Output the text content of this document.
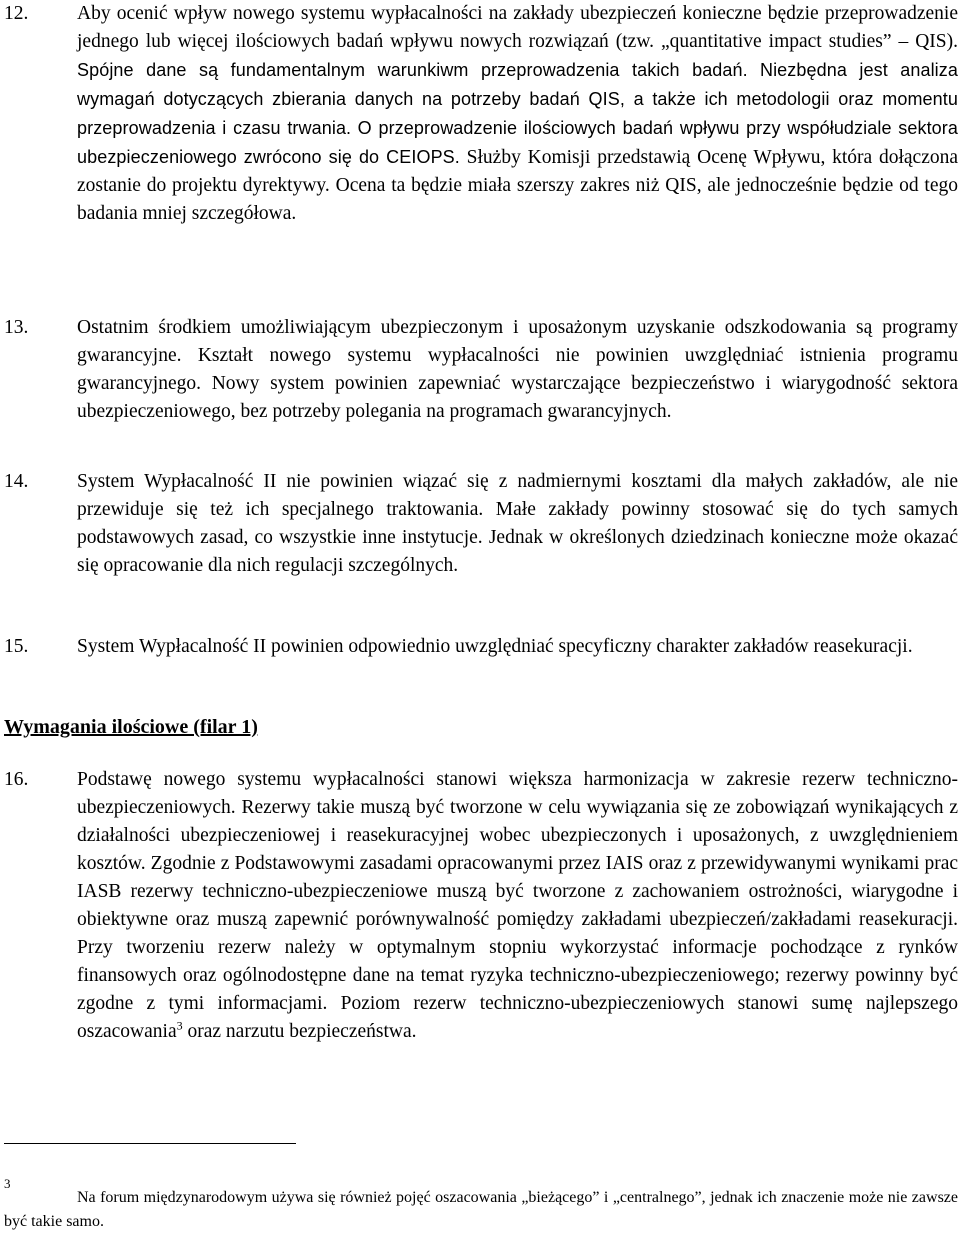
12. Aby ocenić wpływ nowego systemu wypłacalności na zakłady ubezpieczeń konieczne będzie przeprowadzenie jednego lub więcej ilościowych badań wpływu nowych rozwiązań (tzw. „quantitative impact studies” – QIS). Spójne dane są fundamentalnym warunkiwm przeprowadzenia takich badań. Niezbędna jest analiza wymagań dotyczących zbierania danych na potrzeby badań QIS, a także ich metodologii oraz momentu przeprowadzenia i czasu trwania. O przeprowadzenie ilościowych badań wpływu przy współudziale sektora ubezpieczeniowego zwrócono się do CEIOPS. Służby Komisji przedstawią Ocenę Wpływu, która dołączona zostanie do projektu dyrektywy. Ocena ta będzie miała szerszy zakres niż QIS, ale jednocześnie będzie od tego badania mniej szczegółowa.
13. Ostatnim środkiem umożliwiającym ubezpieczonym i uposażonym uzyskanie odszkodowania są programy gwarancyjne. Kształt nowego systemu wypłacalności nie powinien uwzględniać istnienia programu gwarancyjnego. Nowy system powinien zapewniać wystarczające bezpieczeństwo i wiarygodność sektora ubezpieczeniowego, bez potrzeby polegania na programach gwarancyjnych.
14. System Wypłacalność II nie powinien wiązać się z nadmiernymi kosztami dla małych zakładów, ale nie przewiduje się też ich specjalnego traktowania. Małe zakłady powinny stosować się do tych samych podstawowych zasad, co wszystkie inne instytucje. Jednak w określonych dziedzinach konieczne może okazać się opracowanie dla nich regulacji szczególnych.
15. System Wypłacalność II powinien odpowiednio uwzględniać specyficzny charakter zakładów reasekuracji.
Wymagania ilościowe (filar 1)
16. Podstawę nowego systemu wypłacalności stanowi większa harmonizacja w zakresie rezerw techniczno-ubezpieczeniowych. Rezerwy takie muszą być tworzone w celu wywiązania się ze zobowiązań wynikających z działalności ubezpieczeniowej i reasekuracyjnej wobec ubezpieczonych i uposażonych, z uwzględnieniem kosztów. Zgodnie z Podstawowymi zasadami opracowanymi przez IAIS oraz z przewidywanymi wynikami prac IASB rezerwy techniczno-ubezpieczeniowe muszą być tworzone z zachowaniem ostrożności, wiarygodne i obiektywne oraz muszą zapewnić porównywalność pomiędzy zakładami ubezpieczeń/zakładami reasekuracji. Przy tworzeniu rezerw należy w optymalnym stopniu wykorzystać informacje pochodzące z rynków finansowych oraz ogólnodostępne dane na temat ryzyka techniczno-ubezpieczeniowego; rezerwy powinny być zgodne z tymi informacjami. Poziom rezerw techniczno-ubezpieczeniowych stanowi sumę najlepszego oszacowania$^3$ oraz narzutu bezpieczeństwa.
3
Na forum międzynarodowym używa się również pojęć oszacowania „bieżącego” i „centralnego”, jednak ich znaczenie może nie zawsze być takie samo.
